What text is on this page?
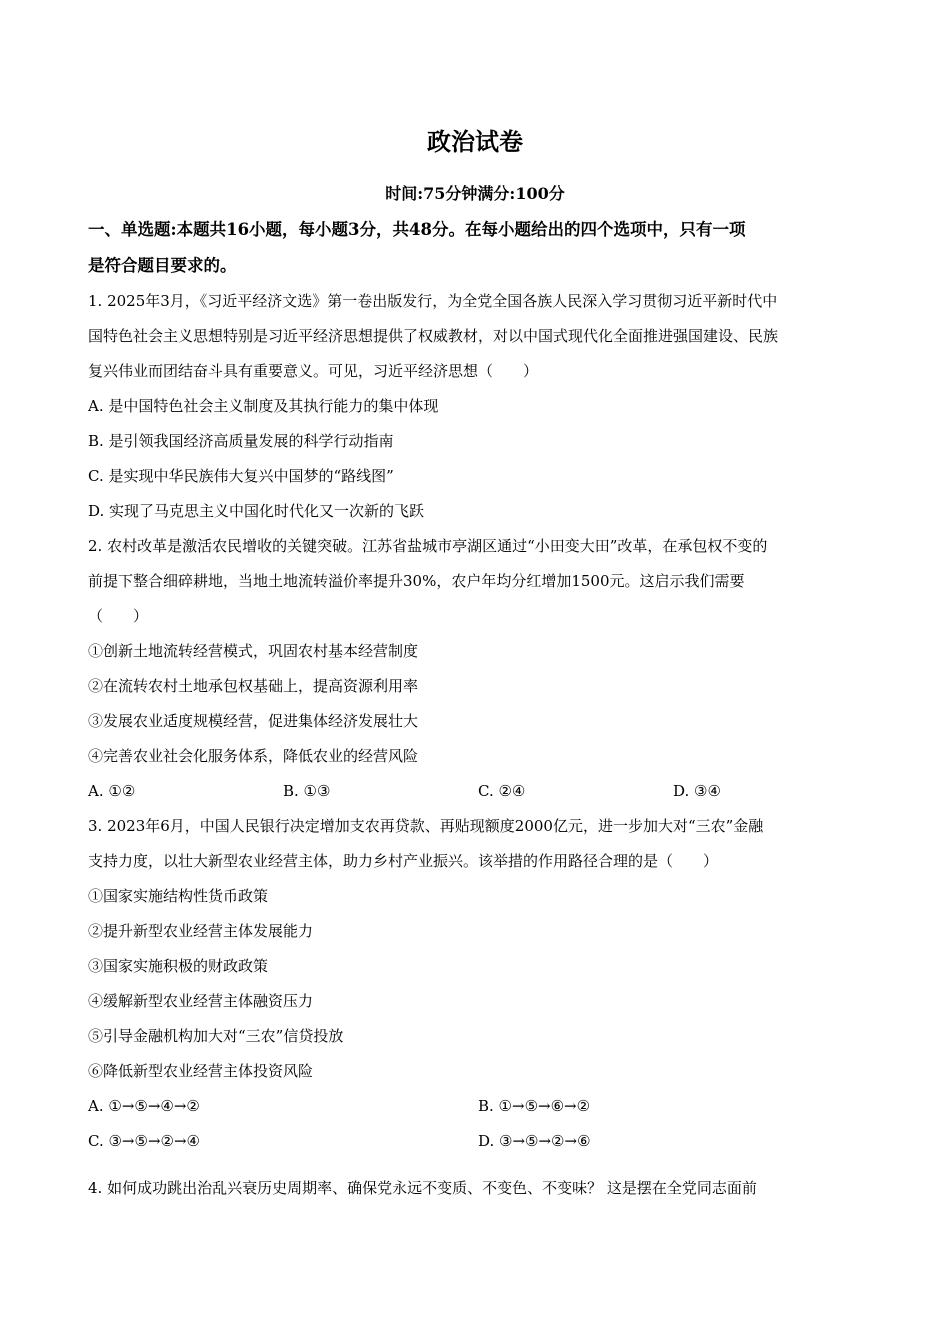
政治试卷
时间:75分钟满分:100分
一、单选题:本题共16小题，每小题3分，共48分。在每小题给出的四个选项中，只有一项
是符合题目要求的。
1. 2025年3月，《习近平经济文选》第一卷出版发行，为全党全国各族人民深入学习贯彻习近平新时代中
国特色社会主义思想特别是习近平经济思想提供了权威教材，对以中国式现代化全面推进强国建设、民族
复兴伟业而团结奋斗具有重要意义。可见，习近平经济思想（　　）
A. 是中国特色社会主义制度及其执行能力的集中体现
B. 是引领我国经济高质量发展的科学行动指南
C. 是实现中华民族伟大复兴中国梦的“路线图”
D. 实现了马克思主义中国化时代化又一次新的飞跃
2. 农村改革是激活农民增收的关键突破。江苏省盐城市亭湖区通过“小田变大田”改革，在承包权不变的
前提下整合细碎耕地，当地土地流转溢价率提升30%，农户年均分红增加1500元。这启示我们需要
（　　）
①创新土地流转经营模式，巩固农村基本经营制度
②在流转农村土地承包权基础上，提高资源利用率
③发展农业适度规模经营，促进集体经济发展壮大
④完善农业社会化服务体系，降低农业的经营风险
A. ①②	B. ①③	C. ②④	D. ③④
3. 2023年6月，中国人民银行决定增加支农再贷款、再贴现额度2000亿元，进一步加大对“三农”金融
支持力度，以壮大新型农业经营主体，助力乡村产业振兴。该举措的作用路径合理的是（　　）
①国家实施结构性货币政策
②提升新型农业经营主体发展能力
③国家实施积极的财政政策
④缓解新型农业经营主体融资压力
⑤引导金融机构加大对“三农”信贷投放
⑥降低新型农业经营主体投资风险
A. ①→⑤→④→②	B. ①→⑤→⑥→②
C. ③→⑤→②→④	D. ③→⑤→②→⑥
4. 如何成功跳出治乱兴衰历史周期率、确保党永远不变质、不变色、不变味？ 这是摆在全党同志面前
